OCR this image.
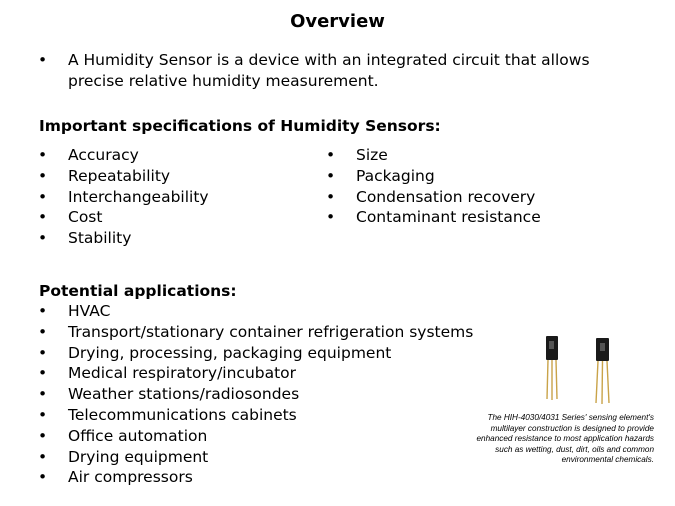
Overview
•	A Humidity Sensor is a device with an integrated circuit that allows precise relative humidity measurement.
Important specifications of Humidity Sensors:
• Accuracy
• Repeatability
• Interchangeability
• Cost
• Stability
• Size
• Packaging
• Condensation recovery
• Contaminant resistance
Potential applications:
• HVAC
• Transport/stationary container refrigeration systems
• Drying, processing, packaging equipment
• Medical respiratory/incubator
• Weather stations/radiosondes
• Telecommunications cabinets
• Office automation
• Drying equipment
• Air compressors
The HIH-4030/4031 Series' sensing element's multilayer construction is designed to provide enhanced resistance to most application hazards such as wetting, dust, dirt, oils and common environmental chemicals.
